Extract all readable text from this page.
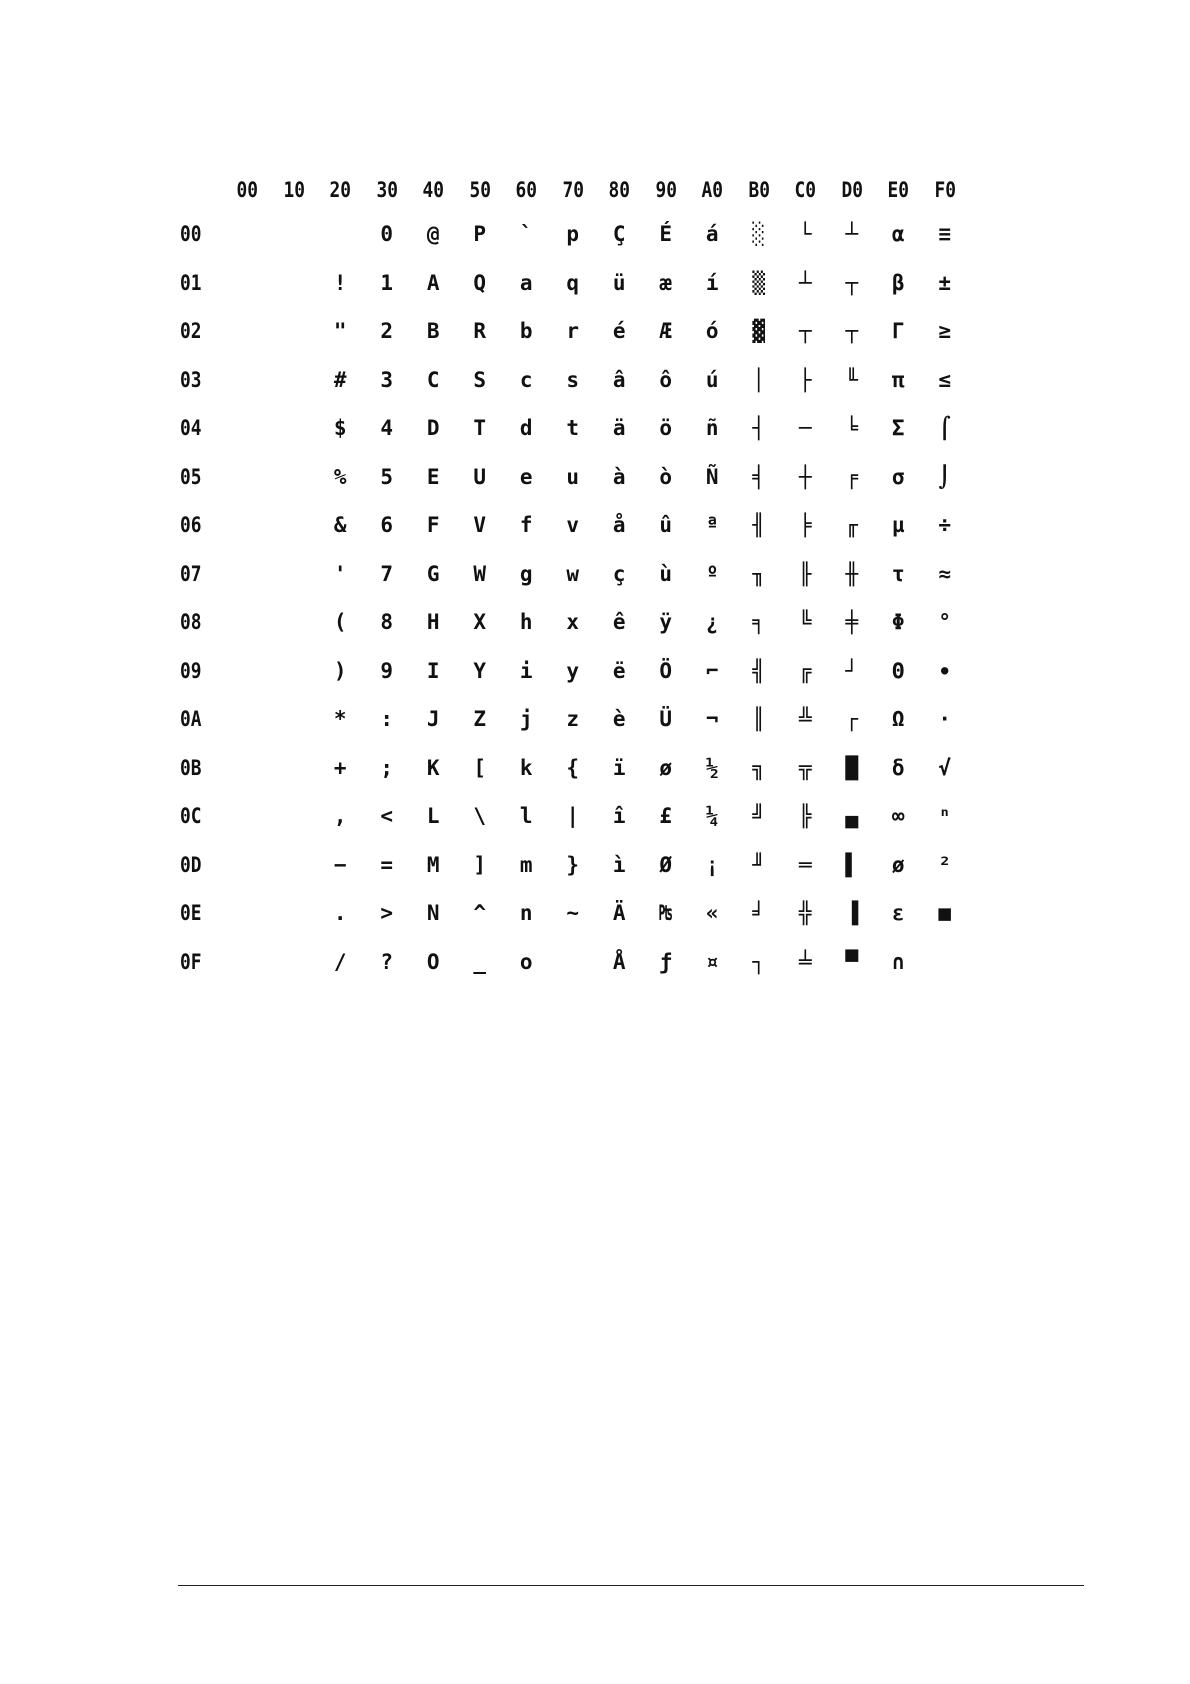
	00	10	20	30	40	50	60	70	80	90	A0	B0	C0	D0	E0	F0
00				0	@	P	`	p	Ç	É	á	░	└	┴	α	≡
01			!	1	A	Q	a	q	ü	æ	í	▒	┴	┬	β	±
02			"	2	B	R	b	r	é	Æ	ó	▓	┬	┬	Γ	≥
03			#	3	C	S	c	s	â	ô	ú	│	├	╙	π	≤
04			$	4	D	T	d	t	ä	ö	ñ	┤	─	╘	Σ	⌠
05			%	5	E	U	e	u	à	ò	Ñ	╡	┼	╒	σ	⌡
06			&	6	F	V	f	v	å	û	ª	╢	╞	╓	µ	÷
07			'	7	G	W	g	w	ç	ù	º	╖	╟	╫	τ	≈
08			(	8	H	X	h	x	ê	ÿ	¿	╕	╚	╪	Φ	°
09			)	9	I	Y	i	y	ë	Ö	⌐	╣	╔	┘	Θ	∙
0A			*	:	J	Z	j	z	è	Ü	¬	║	╩	┌	Ω	·
0B			+	;	K	[	k	{	ï	ø	½	╗	╦	█	δ	√
0C			,	<	L	\	l	|	î	£	¼	╝	╠	▄	∞	ⁿ
0D			−	=	M	]	m	}	ì	Ø	¡	╜	═	▌	ø	²
0E			.	>	N	^	n	~	Ä	₧	«	╛	╬	▐	ε	■
0F			/	?	O	_	o		Å	ƒ	¤	┐	╧	▀	∩	
